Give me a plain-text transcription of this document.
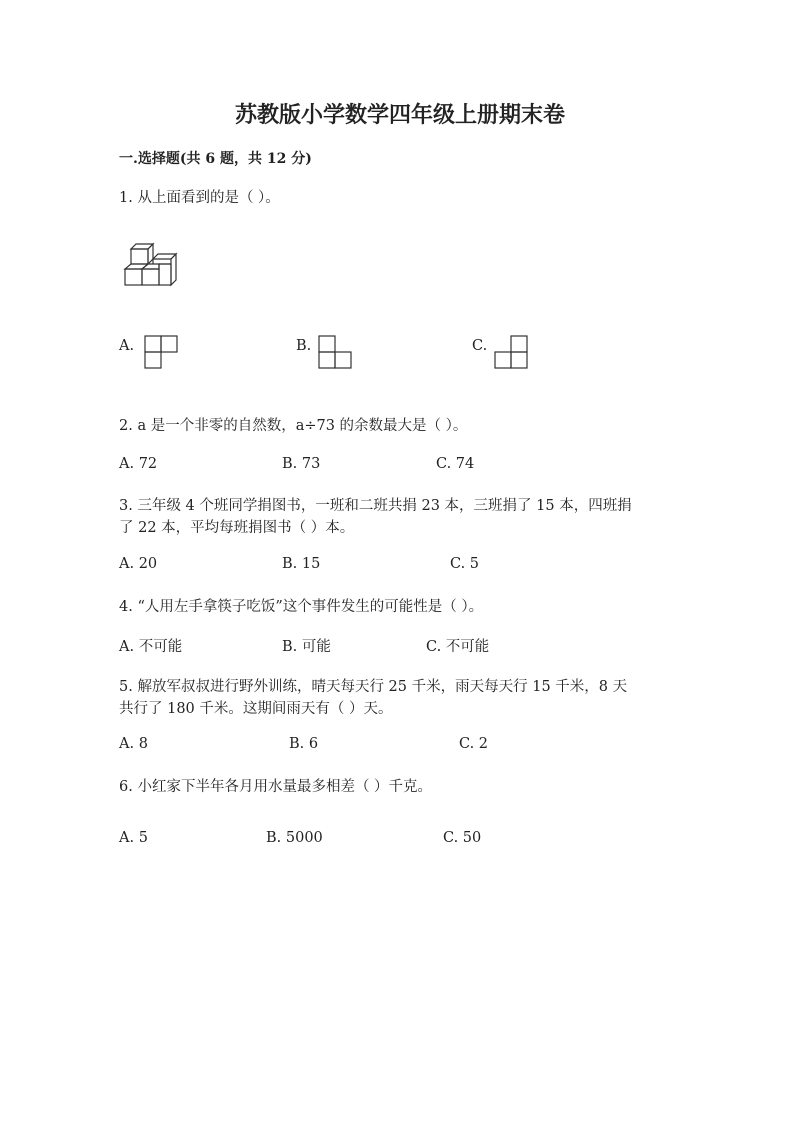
苏教版小学数学四年级上册期末卷
一.选择题(共 6 题，共 12 分)
1. 从上面看到的是（ ）。
A.	B.	C.
2. a 是一个非零的自然数，a÷73 的余数最大是（ ）。
A. 72	B. 73	C. 74
3. 三年级 4 个班同学捐图书，一班和二班共捐 23 本，三班捐了 15 本，四班捐
了 22 本，平均每班捐图书（ ）本。
A. 20	B. 15	C. 5
4. “人用左手拿筷子吃饭”这个事件发生的可能性是（ ）。
A. 不可能	B. 可能	C. 不可能
5. 解放军叔叔进行野外训练，晴天每天行 25 千米，雨天每天行 15 千米，8 天
共行了 180 千米。这期间雨天有（ ）天。
A. 8	B. 6	C. 2
6. 小红家下半年各月用水量最多相差（ ）千克。
A. 5	B. 5000	C. 50
